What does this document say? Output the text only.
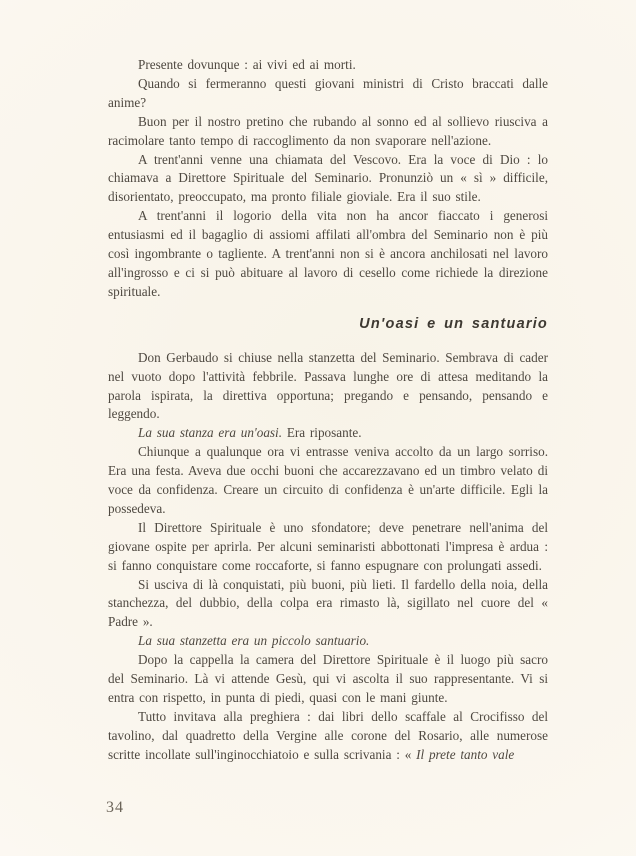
Presente dovunque : ai vivi ed ai morti.

Quando si fermeranno questi giovani ministri di Cristo braccati dalle anime?

Buon per il nostro pretino che rubando al sonno ed al sollievo riusciva a racimolare tanto tempo di raccoglimento da non svaporare nell'azione.

A trent'anni venne una chiamata del Vescovo. Era la voce di Dio : lo chiamava a Direttore Spirituale del Seminario. Pronunziò un « sì » difficile, disorientato, preoccupato, ma pronto filiale gioviale. Era il suo stile.

A trent'anni il logorio della vita non ha ancor fiaccato i generosi entusiasmi ed il bagaglio di assiomi affilati all'ombra del Seminario non è più così ingombrante o tagliente. A trent'anni non si è ancora anchilosati nel lavoro all'ingrosso e ci si può abituare al lavoro di cesello come richiede la direzione spirituale.

Un'oasi e un santuario

Don Gerbaudo si chiuse nella stanzetta del Seminario. Sembrava di cader nel vuoto dopo l'attività febbrile. Passava lunghe ore di attesa meditando la parola ispirata, la direttiva opportuna; pregando e pensando, pensando e leggendo.

La sua stanza era un'oasi. Era riposante.

Chiunque a qualunque ora vi entrasse veniva accolto da un largo sorriso. Era una festa. Aveva due occhi buoni che accarezzavano ed un timbro velato di voce da confidenza. Creare un circuito di confidenza è un'arte difficile. Egli la possedeva.

Il Direttore Spirituale è uno sfondatore; deve penetrare nell'anima del giovane ospite per aprirla. Per alcuni seminaristi abbottonati l'impresa è ardua : si fanno conquistare come roccaforte, si fanno espugnare con prolungati assedi.

Si usciva di là conquistati, più buoni, più lieti. Il fardello della noia, della stanchezza, del dubbio, della colpa era rimasto là, sigillato nel cuore del « Padre ».

La sua stanzetta era un piccolo santuario.

Dopo la cappella la camera del Direttore Spirituale è il luogo più sacro del Seminario. Là vi attende Gesù, qui vi ascolta il suo rappresentante. Vi si entra con rispetto, in punta di piedi, quasi con le mani giunte.

Tutto invitava alla preghiera : dai libri dello scaffale al Crocifisso del tavolino, dal quadretto della Vergine alle corone del Rosario, alle numerose scritte incollate sull'inginocchiatoio e sulla scrivania : « Il prete tanto vale

34
